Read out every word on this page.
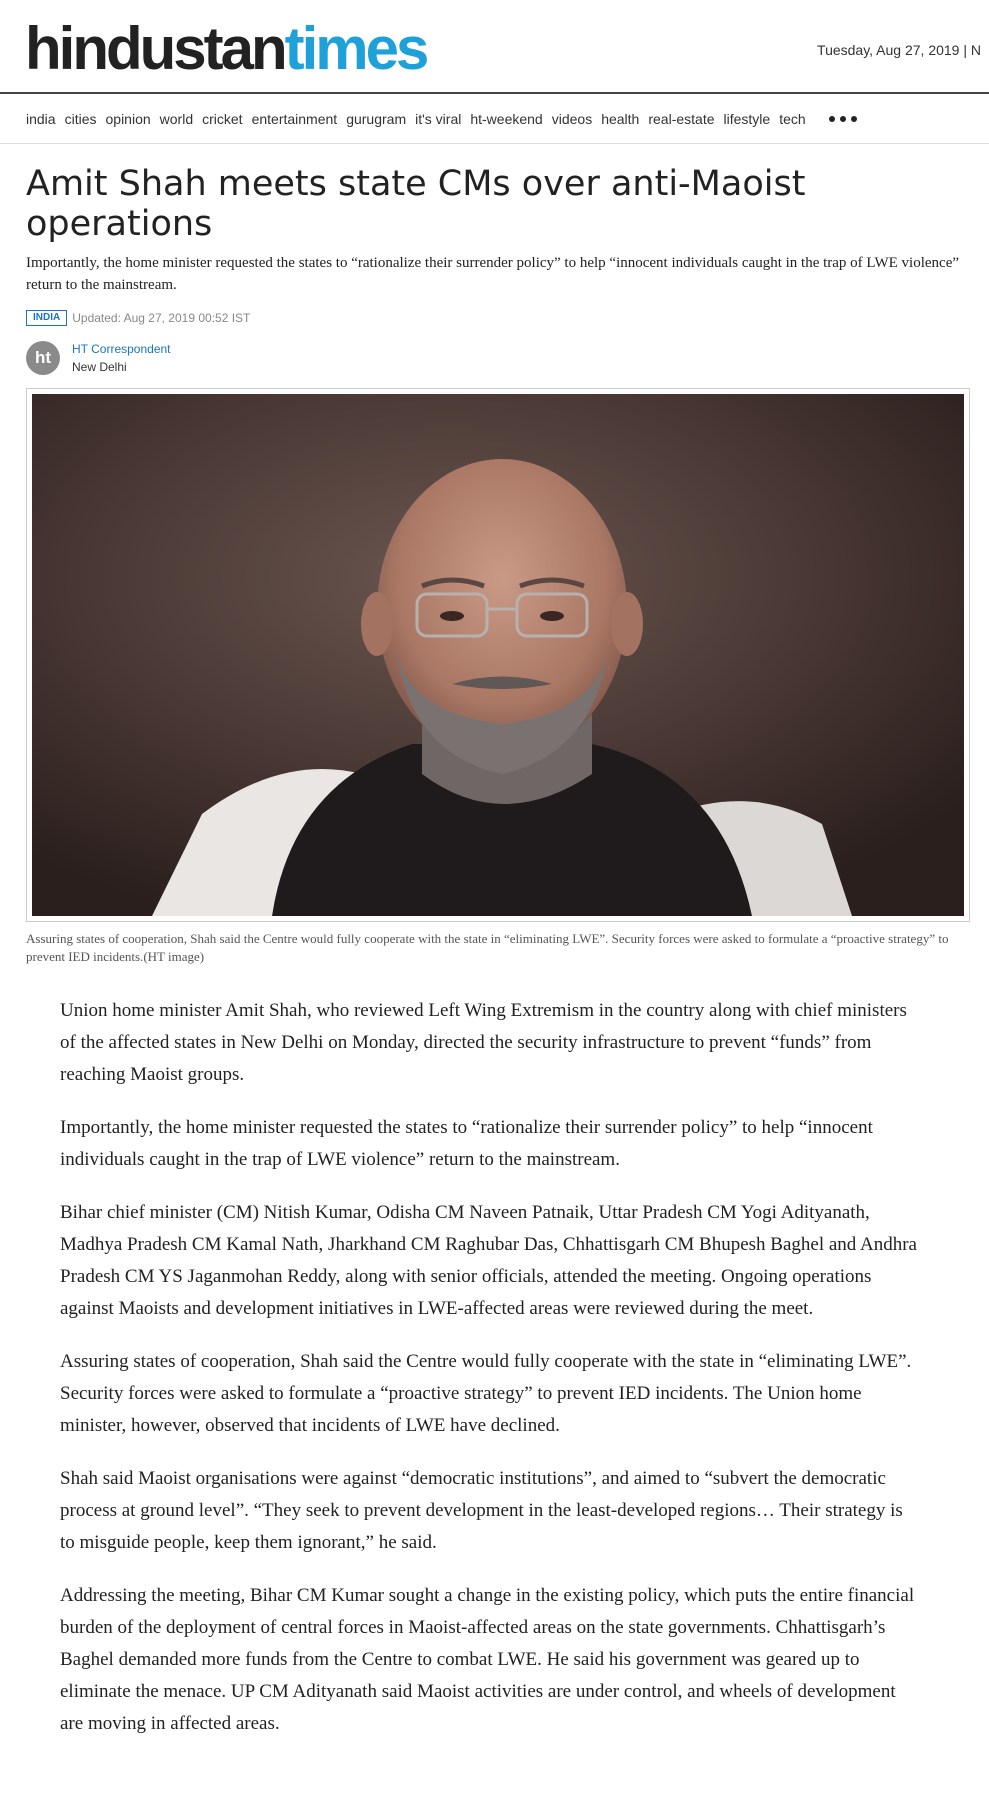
hindustantimes	Tuesday, Aug 27, 2019 | N
india cities opinion world cricket entertainment gurugram it's viral ht-weekend videos health real-estate lifestyle tech
Amit Shah meets state CMs over anti-Maoist operations

Importantly, the home minister requested the states to “rationalize their surrender policy” to help “innocent individuals caught in the trap of LWE violence” return to the mainstream.

INDIA	Updated: Aug 27, 2019 00:52 IST
ht	HT Correspondent
New Delhi

Assuring states of cooperation, Shah said the Centre would fully cooperate with the state in “eliminating LWE”. Security forces were asked to formulate a “proactive strategy” to prevent IED incidents.(HT image)

Union home minister Amit Shah, who reviewed Left Wing Extremism in the country along with chief ministers of the affected states in New Delhi on Monday, directed the security infrastructure to prevent “funds” from reaching Maoist groups.

Importantly, the home minister requested the states to “rationalize their surrender policy” to help “innocent individuals caught in the trap of LWE violence” return to the mainstream.

Bihar chief minister (CM) Nitish Kumar, Odisha CM Naveen Patnaik, Uttar Pradesh CM Yogi Adityanath, Madhya Pradesh CM Kamal Nath, Jharkhand CM Raghubar Das, Chhattisgarh CM Bhupesh Baghel and Andhra Pradesh CM YS Jaganmohan Reddy, along with senior officials, attended the meeting. Ongoing operations against Maoists and development initiatives in LWE-affected areas were reviewed during the meet.

Assuring states of cooperation, Shah said the Centre would fully cooperate with the state in “eliminating LWE”. Security forces were asked to formulate a “proactive strategy” to prevent IED incidents. The Union home minister, however, observed that incidents of LWE have declined.

Shah said Maoist organisations were against “democratic institutions”, and aimed to “subvert the democratic process at ground level”. “They seek to prevent development in the least-developed regions… Their strategy is to misguide people, keep them ignorant,” he said.

Addressing the meeting, Bihar CM Kumar sought a change in the existing policy, which puts the entire financial burden of the deployment of central forces in Maoist-affected areas on the state governments. Chhattisgarh’s Baghel demanded more funds from the Centre to combat LWE. He said his government was geared up to eliminate the menace. UP CM Adityanath said Maoist activities are under control, and wheels of development are moving in affected areas.
